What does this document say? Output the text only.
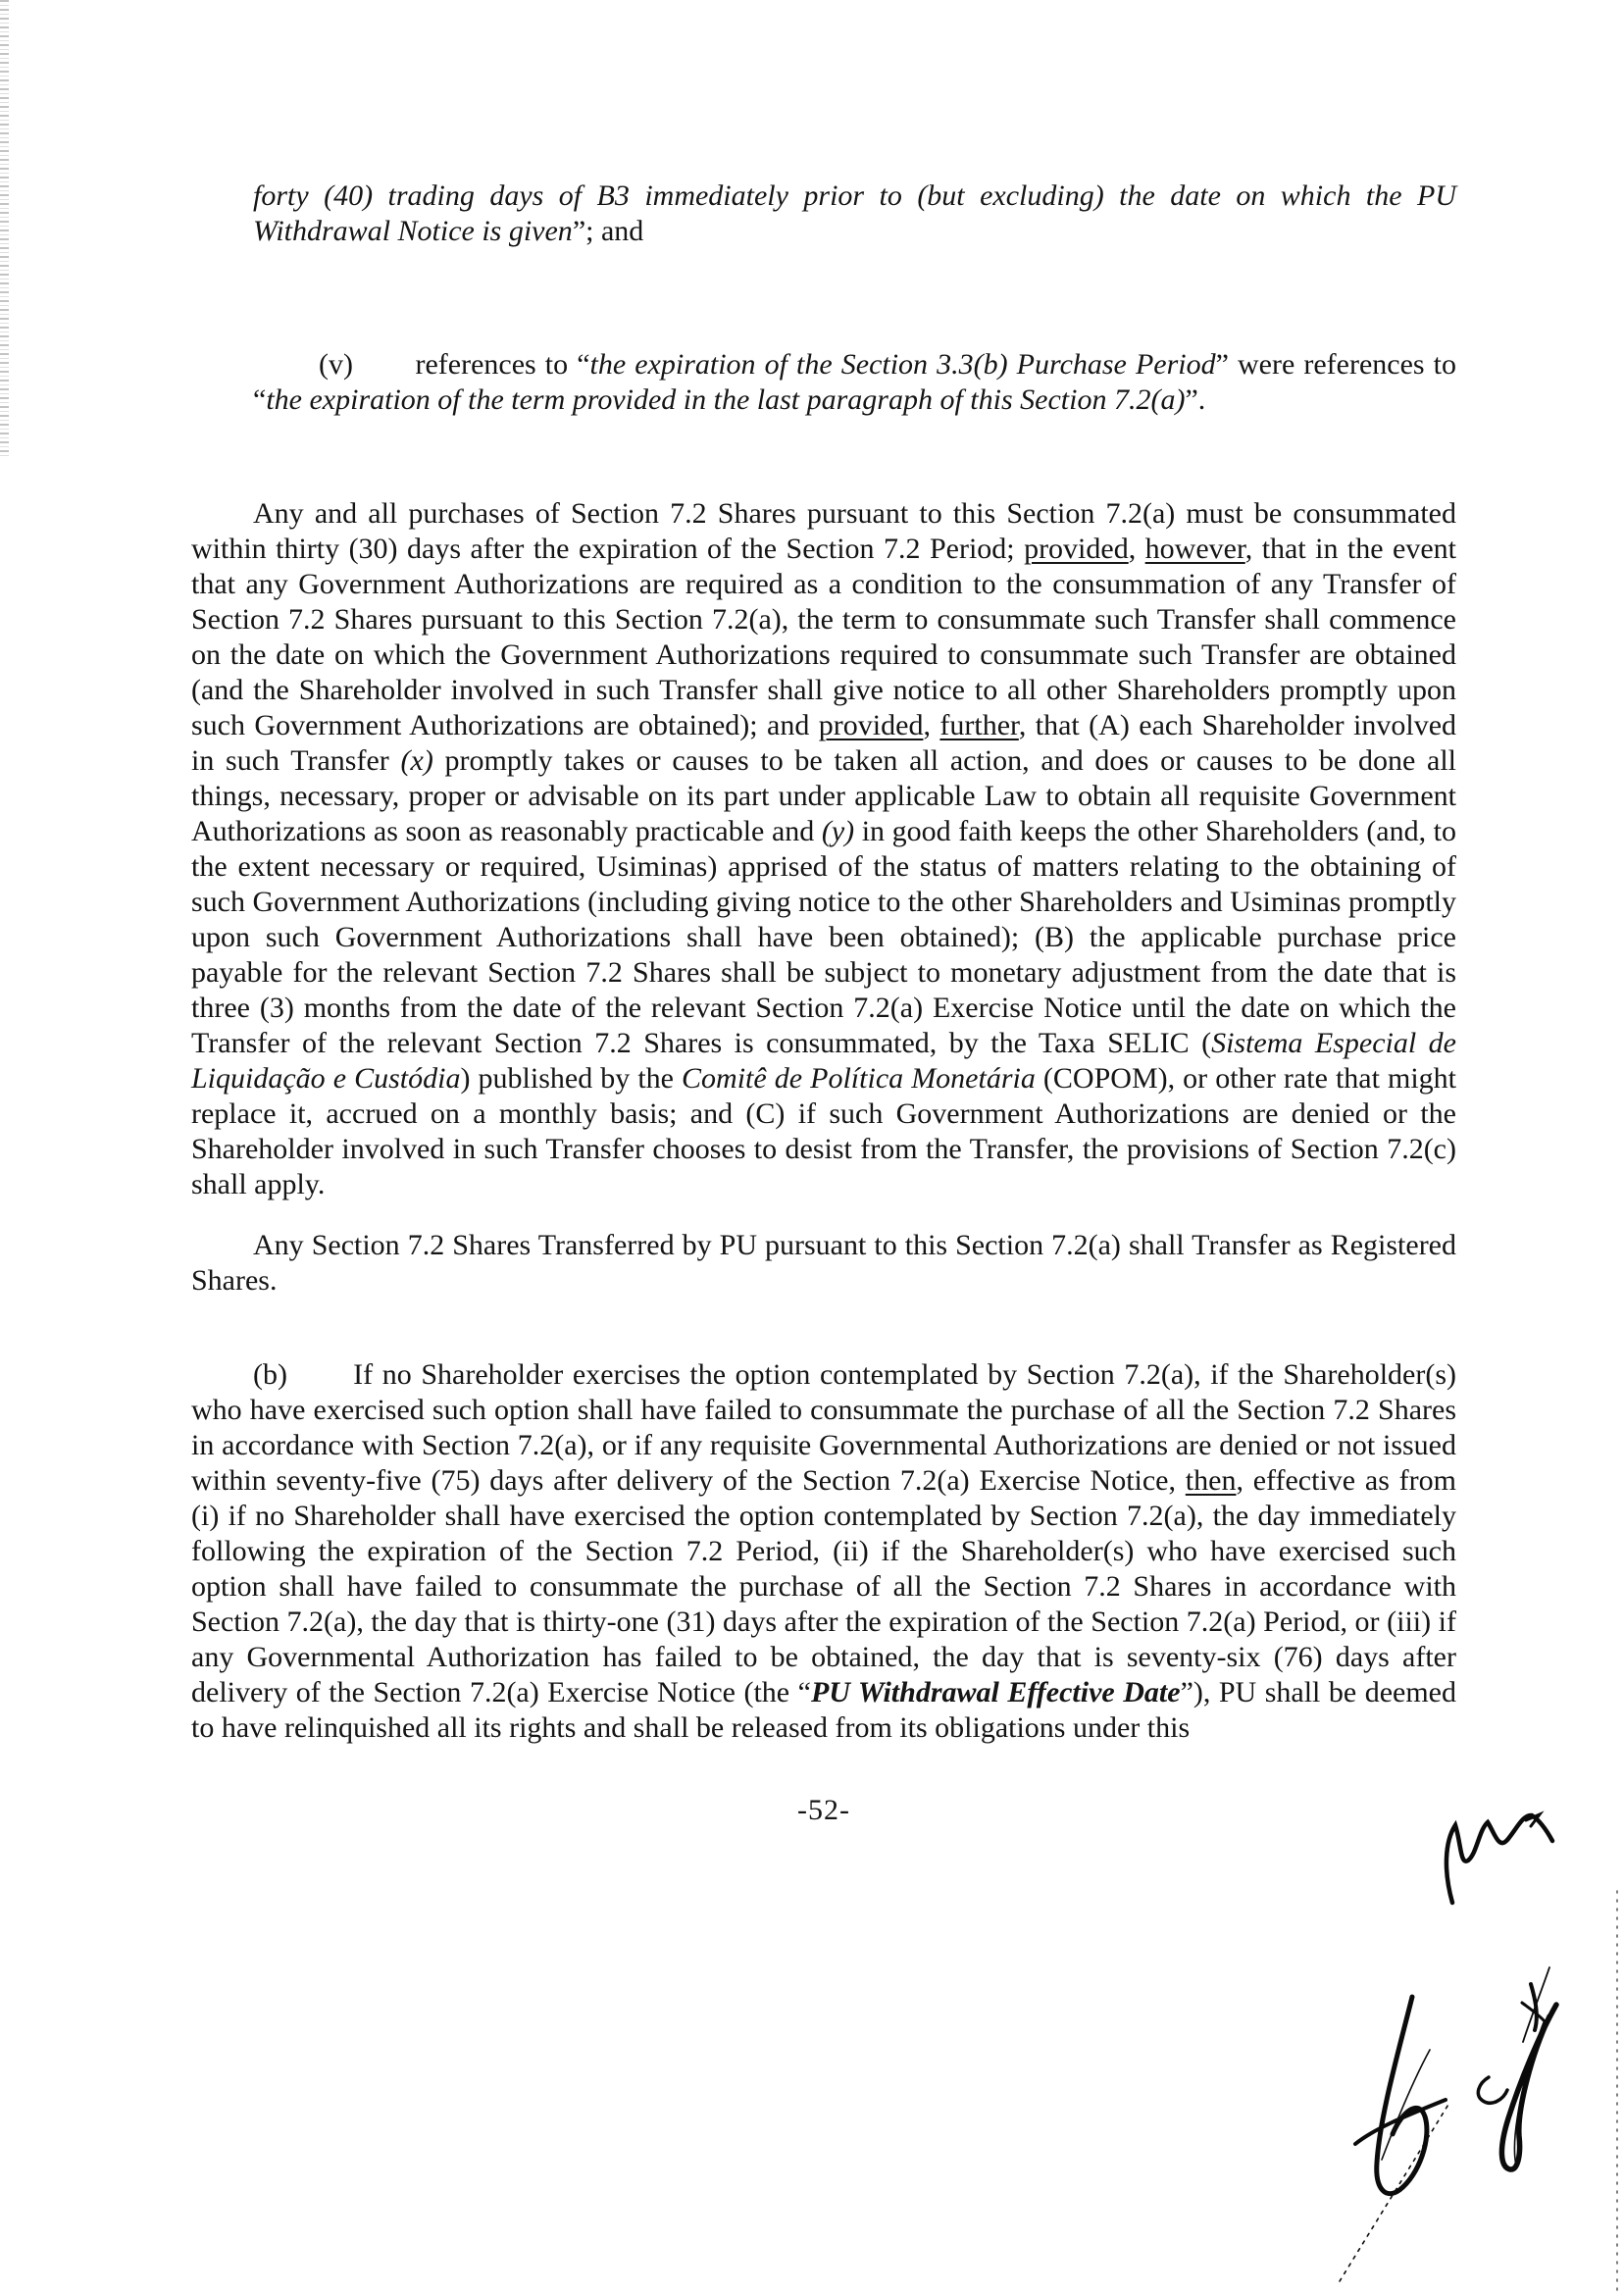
forty (40) trading days of B3 immediately prior to (but excluding) the date on which the PU Withdrawal Notice is given”; and

(v)       references to “the expiration of the Section 3.3(b) Purchase Period” were references to “the expiration of the term provided in the last paragraph of this Section 7.2(a)”.

Any and all purchases of Section 7.2 Shares pursuant to this Section 7.2(a) must be consummated within thirty (30) days after the expiration of the Section 7.2 Period; provided, however, that in the event that any Government Authorizations are required as a condition to the consummation of any Transfer of Section 7.2 Shares pursuant to this Section 7.2(a), the term to consummate such Transfer shall commence on the date on which the Government Authorizations required to consummate such Transfer are obtained (and the Shareholder involved in such Transfer shall give notice to all other Shareholders promptly upon such Government Authorizations are obtained); and provided, further, that (A) each Shareholder involved in such Transfer (x) promptly takes or causes to be taken all action, and does or causes to be done all things, necessary, proper or advisable on its part under applicable Law to obtain all requisite Government Authorizations as soon as reasonably practicable and (y) in good faith keeps the other Shareholders (and, to the extent necessary or required, Usiminas) apprised of the status of matters relating to the obtaining of such Government Authorizations (including giving notice to the other Shareholders and Usiminas promptly upon such Government Authorizations shall have been obtained); (B) the applicable purchase price payable for the relevant Section 7.2 Shares shall be subject to monetary adjustment from the date that is three (3) months from the date of the relevant Section 7.2(a) Exercise Notice until the date on which the Transfer of the relevant Section 7.2 Shares is consummated, by the Taxa SELIC (Sistema Especial de Liquidação e Custódia) published by the Comitê de Política Monetária (COPOM), or other rate that might replace it, accrued on a monthly basis; and (C) if such Government Authorizations are denied or the Shareholder involved in such Transfer chooses to desist from the Transfer, the provisions of Section 7.2(c) shall apply.

Any Section 7.2 Shares Transferred by PU pursuant to this Section 7.2(a) shall Transfer as Registered Shares.

(b)       If no Shareholder exercises the option contemplated by Section 7.2(a), if the Shareholder(s) who have exercised such option shall have failed to consummate the purchase of all the Section 7.2 Shares in accordance with Section 7.2(a), or if any requisite Governmental Authorizations are denied or not issued within seventy-five (75) days after delivery of the Section 7.2(a) Exercise Notice, then, effective as from (i) if no Shareholder shall have exercised the option contemplated by Section 7.2(a), the day immediately following the expiration of the Section 7.2 Period, (ii) if the Shareholder(s) who have exercised such option shall have failed to consummate the purchase of all the Section 7.2 Shares in accordance with Section 7.2(a), the day that is thirty-one (31) days after the expiration of the Section 7.2(a) Period, or (iii) if any Governmental Authorization has failed to be obtained, the day that is seventy-six (76) days after delivery of the Section 7.2(a) Exercise Notice (the “PU Withdrawal Effective Date”), PU shall be deemed to have relinquished all its rights and shall be released from its obligations under this

-52-
